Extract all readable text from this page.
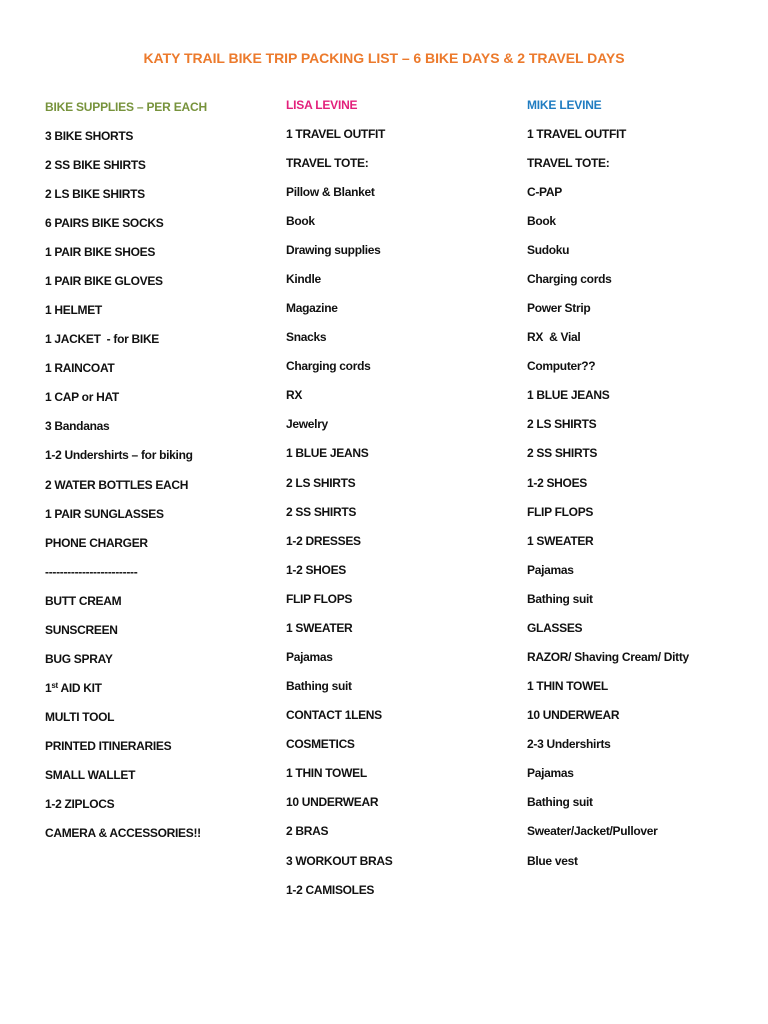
KATY TRAIL BIKE TRIP PACKING LIST – 6 BIKE DAYS & 2 TRAVEL DAYS
BIKE SUPPLIES – PER EACH
3 BIKE SHORTS
2 SS BIKE SHIRTS
2 LS BIKE SHIRTS
6 PAIRS BIKE SOCKS
1 PAIR BIKE SHOES
1 PAIR BIKE GLOVES
1 HELMET
1 JACKET  - for BIKE
1 RAINCOAT
1 CAP or HAT
3 Bandanas
1-2 Undershirts – for biking
2 WATER BOTTLES EACH
1 PAIR SUNGLASSES
PHONE CHARGER
-------------------------
BUTT CREAM
SUNSCREEN
BUG SPRAY
1st AID KIT
MULTI TOOL
PRINTED ITINERARIES
SMALL WALLET
1-2 ZIPLOCS
CAMERA & ACCESSORIES!!
LISA LEVINE
1 TRAVEL OUTFIT
TRAVEL TOTE:
Pillow & Blanket
Book
Drawing supplies
Kindle
Magazine
Snacks
Charging cords
RX
Jewelry
1 BLUE JEANS
2 LS SHIRTS
2 SS SHIRTS
1-2 DRESSES
1-2 SHOES
FLIP FLOPS
1 SWEATER
Pajamas
Bathing suit
CONTACT 1LENS
COSMETICS
1 THIN TOWEL
10 UNDERWEAR
2 BRAS
3 WORKOUT BRAS
1-2 CAMISOLES
MIKE LEVINE
1 TRAVEL OUTFIT
TRAVEL TOTE:
C-PAP
Book
Sudoku
Charging cords
Power Strip
RX  & Vial
Computer??
1 BLUE JEANS
2 LS SHIRTS
2 SS SHIRTS
1-2 SHOES
FLIP FLOPS
1 SWEATER
Pajamas
Bathing suit
GLASSES
RAZOR/ Shaving Cream/ Ditty
1 THIN TOWEL
10 UNDERWEAR
2-3 Undershirts
Pajamas
Bathing suit
Sweater/Jacket/Pullover
Blue vest
